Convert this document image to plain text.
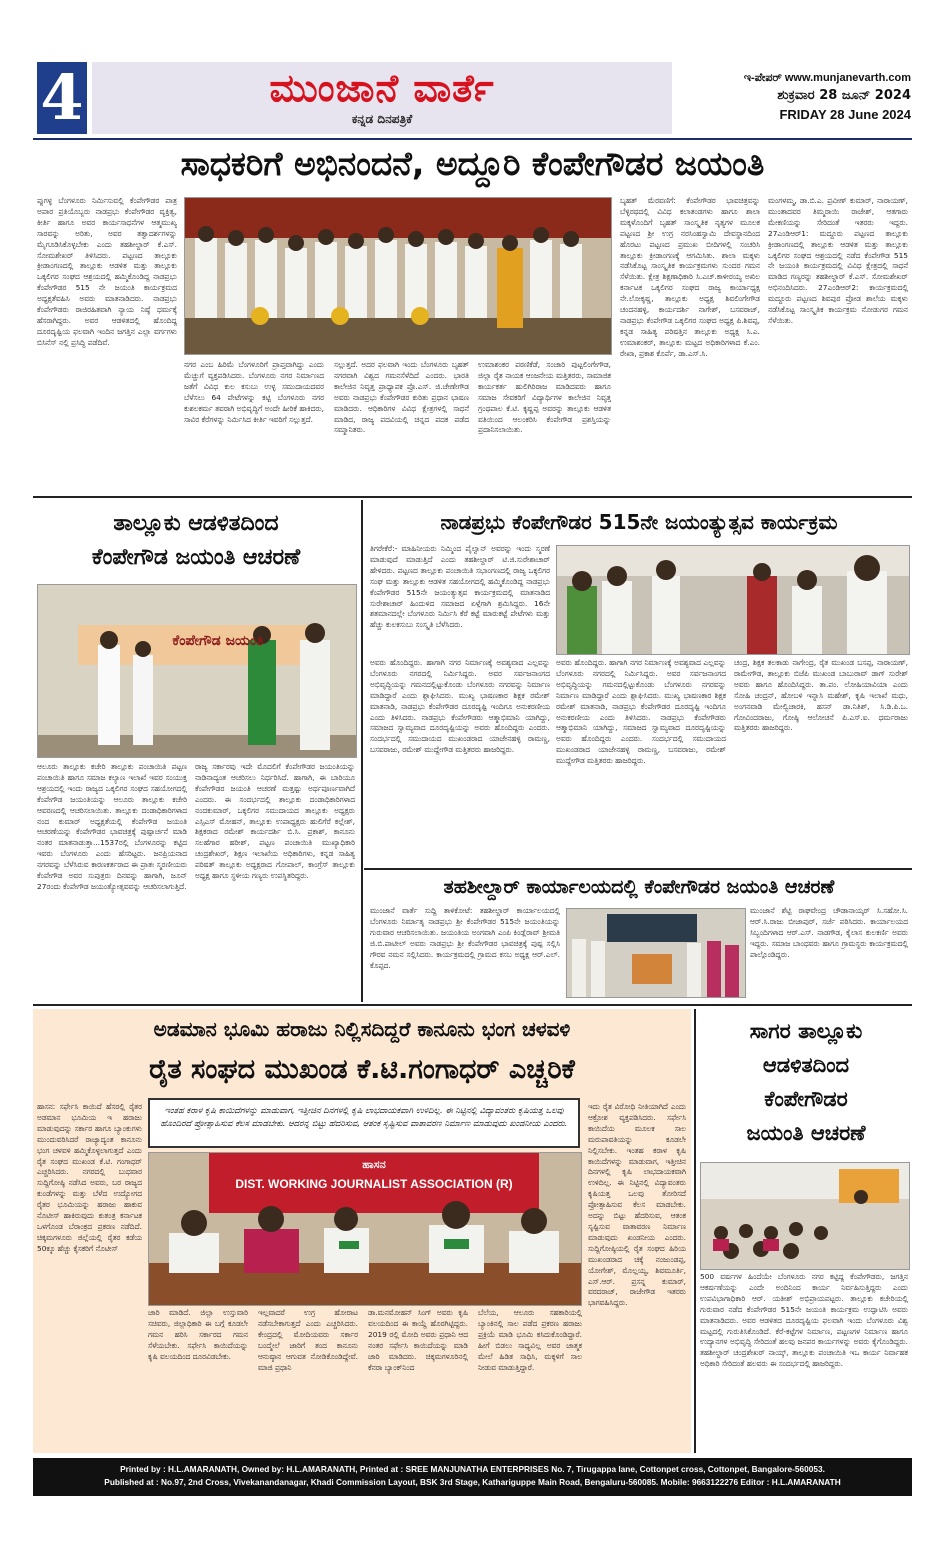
4	ಮುಂಜಾನೆ ವಾರ್ತೆ
ಕನ್ನಡ ದಿನಪತ್ರಿಕೆ
ಇ-ಪೇಪರ್ www.munjanevarth.com
ಶುಕ್ರವಾರ 28 ಜೂನ್ 2024
FRIDAY 28 June 2024
ಸಾಧಕರಿಗೆ ಅಭಿನಂದನೆ, ಅದ್ದೂರಿ ಕೆಂಪೇಗೌಡರ ಜಯಂತಿ
ಪ್ಪುಗಳ್ಳ ಬೆಂಗಳೂರು ನಿರ್ಮಿಸುವಲ್ಲಿ ಕೆಂಪೇಗೌಡರ ಪಾತ್ರ ಅಪಾರ ಪ್ರತಿಯೊಬ್ಬರು ನಾಡಪ್ರಭು ಕೆಂಪೇಗೌಡರ ವ್ಯಕ್ತಿತ್ವ, ಕೀರ್ತಿ ಹಾಗೂ ಅವರ ಕಾರ್ಯಸಾಧನೆಗಳ ಆತ್ಮಮುಖ್ಯ ಸಾರವನ್ನು ಅರಿತು, ಅವರ ತತ್ವಾದರ್ಶಗಳನ್ನು ಮೈಗೂಡಿಸಿಕೊಳ್ಳಬೇಕು ಎಂದು ತಹಶೀಲ್ದಾರ್ ಕೆ.ಎಸ್. ಸೋಮಶೇಖರ್ ತಿಳಿಸಿದರು. ಪಟ್ಟಣದ ತಾಲ್ಲೂಕು ಕ್ರೀಡಾಂಗಣದಲ್ಲಿ ತಾಲ್ಲೂಕು ಆಡಳಿತ ಮತ್ತು ತಾಲ್ಲೂಕು ಒಕ್ಕಲಿಗರ ಸಂಘದ ಆಶ್ರಯದಲ್ಲಿ ಹಮ್ಮಿಕೊಂಡಿದ್ದ ನಾಡಪ್ರಭು ಕೆಂಪೇಗೌಡರ 515 ನೇ ಜಯಂತಿ ಕಾರ್ಯಕ್ರಮದ ಅಧ್ಯಕ್ಷತೆವಹಿಸಿ ಅವರು ಮಾತನಾಡಿದರು. ನಾಡಪ್ರಭು ಕೆಂಪೇಗೌಡರು ರಾಜಿರಹಿತವಾಗಿ ನ್ಯಾಯ ನಿಷ್ಠೆ ಧರ್ಮಕ್ಕೆ ಹೆಸರಾಗಿದ್ದರು. ಅವರ ಆಡಳಿತದಲ್ಲಿ ಹೊಂದಿದ್ದ ದೂರದೃಷ್ಟಿಯ ಫಲವಾಗಿ ಇಂದಿನ ಜಗತ್ತಿನ ಎಲ್ಲಾ ವರ್ಗಗಳು ಬಿಸಿನೆಸ್ ನಲ್ಲಿ ಪ್ರಸಿದ್ಧಿ ಪಡೆದಿವೆ.
ನಗರ ಎಂಬ ಹಿರಿಮೆ ಬೆಂಗಳೂರಿಗೆ ಪ್ರಾಪ್ತವಾಗಿದ್ದು ಎಂದು ಮೆಚ್ಚುಗೆ ವ್ಯಕ್ತಪಡಿಸಿದರು. ಬೆಂಗಳೂರು ನಗರ ನಿರ್ಮಾಣದ ಜತೆಗೆ ವಿವಿಧ ಕುಲ ಕಸುಬು ಉಳ್ಳ ಸಮುದಾಯದವರ ಬೆಳೆಸಲು 64 ಪೇಟೆಗಳನ್ನು ಕಟ್ಟಿ ಬೆಂಗಳೂರು ನಗರ ಕುಶಲಕರ್ಮ ತವರಾಗಿ ಅಭಿವೃದ್ಧಿಗೆ ಅಂದೇ ಹೀರಿಕೆ ಹಾಕಿದರು, ಸಾವಿರ ಕೆರೆಗಳನ್ನು ನಿರ್ಮಿಸಿದ ಕೀರ್ತಿ ಇವರಿಗೆ ಸಲ್ಲುತ್ತದೆ.
ಸಲ್ಲುತ್ತದೆ. ಅದರ ಫಲವಾಗಿ ಇಂದು ಬೆಂಗಳೂರು ಬೃಹತ್ ನಗರವಾಗಿ ವಿಶ್ವದ ಗಮನಸೆಳೆದಿದೆ ಎಂದರು. ಭಾರತಿ ಕಾಲೇಜಿನ ನಿವೃತ್ತ ಪ್ರಾಧ್ಯಾಪಕ ಪ್ರೊ.ಎಸ್. ಜಿ.ಚೇಣೇಗೌಡ ಅವರು ನಾಡಪ್ರಭು ಕೆಂಪೇಗೌಡರ ಕುರಿತು ಪ್ರಧಾನ ಭಾಷಣ ಮಾಡಿದರು. ಆಧಿಕಾರಿಗಳ ವಿವಿಧ ಕ್ಷೇತ್ರಗಳಲ್ಲಿ ಸಾಧನೆ ಮಾಡಿದ, ರಾಜ್ಯ ಪದವಿಯಲ್ಲಿ ಚಿನ್ನದ ಪದಕ ಪಡೆದ ಸಮ್ಮಾನಿತರು.
ಉಮಾಶಂಕರ ಪಠಣಿಕೆಡೆ, ಸಂಚಾರಿ ಪುಟ್ಟಲಿಂಗೇಗೌಡ, ಜಿಲ್ಲಾ ರೈತ ನಾಯಕ ಆಂಜನೇಯ ಮತ್ತಿತರರು, ಸಾಮಾಜಿಕ ಕಾರ್ಯಕರ್ತ ಹುಲಿಗಿರಿರಾಜ ಮಾಡಿದವರು ಹಾಗೂ ಸಮಾಜ ಸೇವಕರಿಗೆ ವಿದ್ಯಾರ್ಥಿಗಳ ಕಾಲೇಜಿನ ನಿವೃತ್ತ ಗ್ರಂಥಪಾಲ ಕೆ.ಟಿ. ಕೃಷ್ಣಪ್ಪ ಅವರನ್ನು ತಾಲ್ಲೂಕು ಆಡಳಿತ ವತಿಯಿಂದ ಆಲಂಕರಿಸಿ ಕೆಂಪೇಗೌಡ ಪ್ರಶಸ್ತಿಯನ್ನು ಪ್ರದಾನಿಸಲಾಯಿತು.
ಬೃಹತ್ ಮೆರವಣಿಗೆ: ಕೆಂಪೇಗೌಡರ ಭಾವಚಿತ್ರವನ್ನು ಬೆಳ್ಳಿರಥದಲ್ಲಿ ವಿವಿಧ ಕಲಾತಂಡಗಳು ಹಾಗೂ ಶಾಲಾ ಮಕ್ಕಳೊಂದಿಗೆ ಬೃಹತ್ ಸಾಂಸ್ಕೃತಿಕ ನೃತ್ಯಗಳ ಮೂಲಕ ಪಟ್ಟಣದ ಶ್ರೀ ಉಗ್ರ ನರಸಿಂಹಸ್ವಾಮಿ ದೇವಸ್ಥಾನದಿಂದ ಹೊರಟು ಪಟ್ಟಣದ ಪ್ರಮುಖ ಬೀದಿಗಳಲ್ಲಿ ಸಂಚರಿಸಿ ತಾಲ್ಲೂಕು ಕ್ರೀಡಾಂಗಣಕ್ಕೆ ಆಗಮಿಸಿತು. ಶಾಲಾ ಮಕ್ಕಳು ನಡೆಸಿಕೊಟ್ಟ ಸಾಂಸ್ಕೃತಿಕ ಕಾರ್ಯಕ್ರಮಗಳು ಸುಂದರ ಗಮನ ಸೆಳೆಯಿತು. ಕ್ಷೇತ್ರ ಶಿಕ್ಷಣಾಧಿಕಾರಿ ಸಿ.ಎಚ್.ಕಾಳೀರಯ್ಯ ಅಖಿಲ ಕರ್ನಾಟಕ ಒಕ್ಕಲಿಗರ ಸಂಘದ ರಾಜ್ಯ ಕಾರ್ಯಾಧ್ಯಕ್ಷ ನೇ.ಲೋಕೃಷ್ಣ, ತಾಲ್ಲೂಕು ಅಧ್ಯಕ್ಷ ಶಿವಲಿಂಗೇಗೌಡ ಚಂದನಹಳ್ಳಿ, ಕಾರ್ಯದರ್ಶಿ ನಾಗೇಶ್, ಬಸವರಾಜ್, ನಾಡಪ್ರಭು ಕೆಂಪೇಗೌಡ ಒಕ್ಕಲಿಗರ ಸಂಘದ ಅಧ್ಯಕ್ಷ ಪಿ.ಶಿವಪ್ಪ, ಕನ್ನಡ ಸಾಹಿತ್ಯ ಪರಿಷತ್ತಿನ ತಾಲ್ಲೂಕು ಅಧ್ಯಕ್ಷ ಸಿ.ಎ. ಉಮಾಶಂಕರ್, ತಾಲ್ಲೂಕು ಮಟ್ಟದ ಅಧಿಕಾರಿಗಳಾದ ಕೆ.ಎಂ. ರೇಖಾ, ಪ್ರಕಾಶ ಕೊರ್ಪೆ, ಡಾ.ಎಸ್.ಸಿ.
ಮಂಗಳಮ್ಮ, ಡಾ.ಬಿ.ಎ. ಪ್ರವೀಣ್ ಕುಮಾರ್, ನಾರಾಯಣ್, ಮುಂತಾದವರ ತಿಮ್ಮರಾಯಿ ರಾಜೇಶ್, ಆತಗಾರು ಮೇಕಣಿಯನ್ನು ಸೇರಿದಂತೆ ಇತರರು ಇದ್ದರು. 27ಎಂಡಿಆರ್1: ಮದ್ದೂರು ಪಟ್ಟಣದ ತಾಲ್ಲೂಕು ಕ್ರೀಡಾಂಗಣದಲ್ಲಿ ತಾಲ್ಲೂಕು ಆಡಳಿತ ಮತ್ತು ತಾಲ್ಲೂಕು ಒಕ್ಕಲಿಗರ ಸಂಘದ ಆಶ್ರಯದಲ್ಲಿ ನಡೆದ ಕೆಂಪೇಗೌಡ 515 ನೇ ಜಯಂತಿ ಕಾರ್ಯಕ್ರಮದಲ್ಲಿ ವಿವಿಧ ಕ್ಷೇತ್ರದಲ್ಲಿ ಸಾಧನೆ ಮಾಡಿದ ಗಣ್ಯರನ್ನು ತಹಶೀಲ್ದಾರ್ ಕೆ.ಎಸ್. ಸೋಮಶೇಖರ್ ಅಭಿನಂದಿಸಿದರು. 27ಎಂಡಿಆರ್2: ಕಾರ್ಯಕ್ರಮದಲ್ಲಿ ಮದ್ದೂರು ಪಟ್ಟಣದ ಶಿವಪುರ ಪ್ರೋಡ ಶಾಲೆಯ ಮಕ್ಕಳು ನಡೆಸಿಕೊಟ್ಟ ಸಾಂಸ್ಕೃತಿಕ ಕಾರ್ಯಕ್ರಮ ನೋಡುಗರ ಗಮನ ಸೆಳೆಯಿತು.
ತಾಲ್ಲೂಕು ಆಡಳಿತದಿಂದ
ಕೆಂಪೇಗೌಡ ಜಯಂತಿ ಆಚರಣೆ
ಕೆಂಪೇಗೌಡ ಜಯಂತಿ
ಆಲೂರು ತಾಲ್ಲೂಕು ಕಚೇರಿ ತಾಲ್ಲೂಕು ಪಂಚಾಯಿತಿ ಪಟ್ಟಣ ಪಂಚಾಯಿತಿ ಹಾಗೂ ಸಮಾಜ ಕಲ್ಯಾಣ ಇಲಾಖೆ ಇವರ ಸಂಯುಕ್ತ ಆಶ್ರಯದಲ್ಲಿ ಇಂದು ರಾಜ್ಯದ ಒಕ್ಕಲಿಗರ ಸಂಘದ ಸಹಯೋಗದಲ್ಲಿ ಕೆಂಪೇಗೌಡ ಜಯಂತಿಯನ್ನು ಆಲೂರು ತಾಲ್ಲೂಕು ಕಚೇರಿ ಆವರಣದಲ್ಲಿ ಆಚರಿಸಲಾಯಿತು. ತಾಲ್ಲೂಕು ದಂಡಾಧಿಕಾರಿಗಳಾದ ನಂದ ಕುಮಾರ್ ಅಧ್ಯಕ್ಷತೆಯಲ್ಲಿ ಕೆಂಪೇಗೌಡ ಜಯಂತಿ ಆಚರಣೆಯನ್ನು ಕೆಂಪೇಗೌಡರ ಭಾವಚಿತ್ರಕ್ಕೆ ಪುಷ್ಪಾರ್ಚನೆ ಮಾಡಿ ನಂತರ ಮಾತನಾಡುತ್ತಾ...1537ರಲ್ಲಿ ಬೆಂಗಳೂರನ್ನು ಕಟ್ಟಿದ ಇವರು ಬೆಂಗಳೂರು ಎಂದು ಹೆಸರಿಟ್ಟರು. ಜನಪ್ರಿಯನಾದ ನಗರವನ್ನು ಬೆಳೆಸಿರುವ ಕಾರಣಕರ್ತರಾದ ಈ ಪ್ರಾತಃ ಸ್ಮರಣೀಯರು ಕೆಂಪೇಗೌಡ ಅವರ ಸುಪುತ್ರರು ದಿನವನ್ನು ಹಾಗಾಗಿ, ಜೂನ್ 27ರಂದು ಕೆಂಪೇಗೌಡ ಜಯಂತ್ಯೋತ್ಸವವನ್ನು ಆಚರಿಸಲಾಗುತ್ತಿದೆ.
ರಾಜ್ಯ ಸರ್ಕಾರವು ಇದೇ ಮೊದಲಿಗೆ ಕೆಂಪೇಗೌಡರ ಜಯಂತಿಯನ್ನು ನಾಡಿನಾದ್ಯಂತ ಆಚರಿಸಲು ನಿರ್ಧರಿಸಿದೆ. ಹಾಗಾಗಿ, ಈ ಬಾರಿಯೂ ಕೆಂಪೇಗೌಡರ ಜಯಂತಿ ಆಚರಣೆ ಮತ್ತಷ್ಟು ಅರ್ಥಪೂರ್ಣವಾಗಿದೆ ಎಂದರು. ಈ ಸಂದರ್ಭದಲ್ಲಿ ತಾಲ್ಲೂಕು ದಂಡಾಧಿಕಾರಿಗಳಾದ ನಂದಕುಮಾರ್, ಒಕ್ಕಲಿಗರ ಸಮುದಾಯದ ತಾಲ್ಲೂಕು ಅಧ್ಯಕ್ಷರು ಎಸ್ಸಿಎಸ್ ಮೋಹನ್, ತಾಲ್ಲೂಕು ಉಪಾಧ್ಯಕ್ಷರು ಹುಲಿಗೆರೆ ಕಲ್ಲೇಶ್, ಶಿಕ್ಷಕರಾದ ರಮೇಶ್ ಕಾರ್ಯದರ್ಶಿ ಬಿ.ಸಿ. ಪ್ರಕಾಶ್, ಕಾನೂನು ಸಲಹೆಗಾರ ಹರೀಶ್, ಪಟ್ಟಣ ಪಂಚಾಯಿತಿ ಮುಖ್ಯಾಧಿಕಾರಿ ಚಂದ್ರಶೇಖರ್, ಶಿಕ್ಷಣ ಇಲಾಖೆಯ ಅಧಿಕಾರಿಗಳು, ಕನ್ನಡ ಸಾಹಿತ್ಯ ಪರಿಷತ್ ತಾಲ್ಲೂಕು ಅಧ್ಯಕ್ಷರಾದ ಗೋಪಾಲ್, ಕಾಂಗ್ರೆಸ್ ತಾಲ್ಲೂಕು ಅಧ್ಯಕ್ಷ ಹಾಗೂ ಸ್ಥಳೀಯ ಗಣ್ಯರು ಉಪಸ್ಥಿತರಿದ್ದರು.
ನಾಡಪ್ರಭು ಕೆಂಪೇಗೌಡರ 515ನೇ ಜಯಂತ್ಯುತ್ಸವ ಕಾರ್ಯಕ್ರಮ
ತಿಗರೇಕೆರೆ:- ಮಾಹಿನೀಯರು ನಿಮ್ಮಿಂದ ಪೈಲ್ವಾನ್ ಅವರನ್ನು ಇಂದು ಸ್ಮರಣೆ ಮಾಡುವುದೆ ಮಾಡುತ್ತಿದೆ ಎಂದು ತಹಶೀಲ್ದಾರ್ ಟಿ.ಜಿ.ಸುರೇಶಾಚಾರ್ ಹೇಳಿದರು. ಪಟ್ಟಣದ ತಾಲ್ಲೂಕು ಪಂಚಾಯಿತಿ ಸಭಾಂಗಣದಲ್ಲಿ ರಾಜ್ಯ ಒಕ್ಕಲಿಗರ ಸಂಘ ಮತ್ತು ತಾಲ್ಲೂಕು ಆಡಳಿತ ಸಹಯೋಗದಲ್ಲಿ ಹಮ್ಮಿಕೊಂಡಿದ್ದ ನಾಡಪ್ರಭು ಕೆಂಪೇಗೌಡರ 515ನೇ ಜಯಂತ್ಯುತ್ಸವ ಕಾರ್ಯಕ್ರಮದಲ್ಲಿ ಮಾತನಾಡಿದ ಸುರೇಶಾಚಾರ್ ಹಿಂದುಳಿದ ಸಮಾಜದ ಏಳ್ಗೆಗಾಗಿ ಶ್ರಮಿಸಿದ್ದರು. 16ನೇ ಶತಮಾನದಲ್ಲೇ ಬೆಂಗಳೂರು ನಿರ್ಮಿಸಿ ಕೆರೆ ಕಟ್ಟೆ ಮಾರುಕಟ್ಟೆ ಪೇಟೆಗಳು ಮತ್ತು ಹೆಚ್ಚು ಕುಲಕಸುಬು ಸಂಸ್ಕೃತಿ ಬೆಳೆಸಿದರು.
ಅವರು ಹೊಂದಿದ್ದರು. ಹಾಗಾಗಿ ನಗರ ನಿರ್ಮಾಣಕ್ಕೆ ಅವಶ್ಯವಾದ ಎಲ್ಲವನ್ನು ಬೆಂಗಳೂರು ನಗರದಲ್ಲಿ ನಿರ್ಮಿಸಿದ್ದರು. ಅವರ ಸರ್ವಜನಾಂಗದ ಅಭಿವೃದ್ಧಿಯನ್ನು ಗಮನದಲ್ಲಿಟ್ಟುಕೊಂಡು ಬೆಂಗಳೂರು ನಗರವನ್ನು ನಿರ್ಮಾಣ ಮಾಡಿದ್ದಾರೆ ಎಂದು ಶ್ಲಾಘಿಸಿದರು. ಮುಖ್ಯ ಭಾಷಣಕಾರ ಶಿಕ್ಷಕ ರಮೇಶ್ ಮಾತನಾಡಿ, ನಾಡಪ್ರಭು ಕೆಂಪೇಗೌಡರ ದೂರದೃಷ್ಟಿ ಇಂದಿಗೂ ಅನುಕರಣೀಯ ಎಂದು ತಿಳಿಸಿದರು. ನಾಡಪ್ರಭು ಕೆಂಪೇಗೌಡರು ಆತ್ಮಾಭಿಮಾನಿ ಯಾಗಿದ್ದು, ಸಮಾಜದ ಸ್ವಾಮ್ಯವಾದ ದೂರದೃಷ್ಟಿಯನ್ನು ಅವರು ಹೊಂದಿದ್ದರು ಎಂದರು. ಸಂದರ್ಭದಲ್ಲಿ ಸಮುದಾಯದ ಮುಖಂಡರಾದ ಯಾಜೇನಹಳ್ಳಿ ರಾಮಣ್ಣ, ಬಸವರಾಜು, ರಮೇಶ್ ಮುದ್ದೇಗೌಡ ಮತ್ತಿತರರು ಹಾಜರಿದ್ದರು.
ಅವರು ಹೊಂದಿದ್ದರು. ಹಾಗಾಗಿ ನಗರ ನಿರ್ಮಾಣಕ್ಕೆ ಅವಶ್ಯವಾದ ಎಲ್ಲವನ್ನು ಬೆಂಗಳೂರು ನಗರದಲ್ಲಿ ನಿರ್ಮಿಸಿದ್ದರು. ಅವರ ಸರ್ವಜನಾಂಗದ ಅಭಿವೃದ್ಧಿಯನ್ನು ಗಮನದಲ್ಲಿಟ್ಟುಕೊಂಡು ಬೆಂಗಳೂರು ನಗರವನ್ನು ನಿರ್ಮಾಣ ಮಾಡಿದ್ದಾರೆ ಎಂದು ಶ್ಲಾಘಿಸಿದರು. ಮುಖ್ಯ ಭಾಷಣಕಾರ ಶಿಕ್ಷಕ ರಮೇಶ್ ಮಾತನಾಡಿ, ನಾಡಪ್ರಭು ಕೆಂಪೇಗೌಡರ ದೂರದೃಷ್ಟಿ ಇಂದಿಗೂ ಅನುಕರಣೀಯ ಎಂದು ತಿಳಿಸಿದರು. ನಾಡಪ್ರಭು ಕೆಂಪೇಗೌಡರು ಆತ್ಮಾಭಿಮಾನಿ ಯಾಗಿದ್ದು, ಸಮಾಜದ ಸ್ವಾಮ್ಯವಾದ ದೂರದೃಷ್ಟಿಯನ್ನು ಅವರು ಹೊಂದಿದ್ದರು ಎಂದರು. ಸಂದರ್ಭದಲ್ಲಿ ಸಮುದಾಯದ ಮುಖಂಡರಾದ ಯಾಜೇನಹಳ್ಳಿ ರಾಮಣ್ಣ, ಬಸವರಾಜು, ರಮೇಶ್ ಮುದ್ದೇಗೌಡ ಮತ್ತಿತರರು ಹಾಜರಿದ್ದರು.
ಚಂದ್ರ, ಶಿಕ್ಷಕ ತಲಕಾಡು ನಾಗೇಂದ್ರ, ರೈತ ಮುಖಂಡ ಬಸಪ್ಪ, ನಾರಾಯಣ್, ರಾಮೇಗೌಡ, ತಾಲ್ಲೂಕು ಬಿಜೆಪಿ ಮುಖಂಡ ಬಾಬುರಾವ್ ಡಾಗ್ ಸುರೇಶ್ ಅವರು ಹಾಗೂ ಹೊಂದಿಸಿದ್ದರು. ತಾ.ಪಂ. ಲೋಹಿಯಾವಿಯಾ ಎಂದು ಸೋಹಿ ಚಂದ್ರನ್, ಹೋಬಳಿ ಇನ್ನಾಸಿ ಮಹೇಶ್, ಕೃಷಿ ಇಲಾಖೆ ಮಧು, ಅಂಗನವಾಡಿ ಮೇಲ್ವಿಚಾರಕಿ, ಹಸನ್ ಡಾ.ನಿತಿಶ್, ಸಿ.ಡಿ.ಪಿ.ಒ. ಗೋವಿಂದರಾಜು, ಗೋಷ್ಠಿ ಆಲೋಚನೆ ಪಿ.ಎಸ್.ಐ. ಧರ್ಮರಾಜು ಮತ್ತಿತರರು ಹಾಜರಿದ್ದರು.
ತಹಶೀಲ್ದಾರ್ ಕಾರ್ಯಾಲಯದಲ್ಲಿ ಕೆಂಪೇಗೌಡರ ಜಯಂತಿ ಆಚರಣೆ
ಮುಂಜಾನೆ ವಾರ್ತೆ ಸುದ್ದಿ ತಾಳಿಕೋಟೆ: ತಹಶೀಲ್ದಾರ್ ಕಾರ್ಯಾಲಯದಲ್ಲಿ ಬೆಂಗಳೂರು ನಿರ್ಮಾತೃ ನಾಡಪ್ರಭು ಶ್ರೀ ಕೆಂಪೇಗೌಡರ 515ನೇ ಜಯಂತಿಯನ್ನು ಗುರುವಾರ ಆಚರಿಸಲಾಯಿತು. ಜಯಂತಿಯ ಅಂಗವಾಗಿ ಎಂಪಿ ಕಿಂಡ್ಲೆರಾವ್ ಶ್ರೀಮತಿ ಜಿ.ಬಿ.ಪಾಟೀಲ್ ಅವರು ನಾಡಪ್ರಭು ಶ್ರೀ ಕೆಂಪೇಗೌಡರ ಭಾವಚಿತ್ರಕ್ಕೆ ಪುಷ್ಪ ಸಲ್ಲಿಸಿ ಗೌರವ ನಮನ ಸಲ್ಲಿಸಿದರು. ಕಾರ್ಯಕ್ರಮದಲ್ಲಿ ಗ್ರಾಮದ ಕಸಬ ಅಧ್ಯಕ್ಷ ಆರ್.ಎಲ್. ಕೊಪ್ಪದ.
ಮುಂಜಾನೆ ಶೆಟ್ಟಿ ರಾಘವೇಂದ್ರ ಚೌಡಾನಾಯ್ಕರ್ ಸಿ.ಸಹೋ.ಸಿ. ಆರ್.ಸಿ.ರಾಜು ಬೀಜಾಪುರ್, ಸರ್ಜೆ ಪಠಿಸಿದರು. ಕಾರ್ಯಾಲಯದ ಸಿಬ್ಬಂದಿಗಳಾದ ಆರ್.ಎಸ್. ನಾಡಗೌಡ, ಕೈಲಾಸ ಕುಲಕರ್ಣಿ ಅವರು ಇದ್ದರು. ಸಮಾಜ ಬಾಂಧವರು ಹಾಗೂ ಗ್ರಾಮಸ್ಥರು ಕಾರ್ಯಕ್ರಮದಲ್ಲಿ ಪಾಲ್ಗೊಂಡಿದ್ದರು.
ಅಡಮಾನ ಭೂಮಿ ಹರಾಜು ನಿಲ್ಲಿಸದಿದ್ದರೆ ಕಾನೂನು ಭಂಗ ಚಳವಳಿ
ರೈತ ಸಂಘದ ಮುಖಂಡ ಕೆ.ಟಿ.ಗಂಗಾಧರ್ ಎಚ್ಚರಿಕೆ
ಇಂತಹ ಕರಾಳ ಕೃಷಿ ಕಾಯಿದೆಗಳನ್ನು ಮಾಡುವಾಗ, ಇತ್ತೀಚಿನ ದಿನಗಳಲ್ಲಿ ಕೃಷಿ ಲಾಭದಾಯಕವಾಗಿ ಉಳಿದಿಲ್ಲ. ಈ ನಿಟ್ಟಿನಲ್ಲಿ ವಿದ್ಯಾವಂತರು ಕೃಷಿಯತ್ತ ಒಲವು ಹೊಂದಿರದೆ ಪ್ರೋತ್ಸಾಹಿಸುವ ಕೆಲಸ ಮಾಡಬೇಕು. ಆದರನ್ನ ಬಿಟ್ಟು ಹೆದರಿಸುವ, ಆತಂಕ ಸೃಷ್ಟಿಸುವ ವಾತಾವರಣ ನಿರ್ಮಾಣ ಮಾಡುವುದು ಖಂಡನೀಯ ಎಂದರು.
ಹಾಸನ: ಸರ್ಫೇಸಿ ಕಾಯಿದೆ ಹೆಸರಲ್ಲಿ ರೈತರ ಅಡಮಾನ ಭೂಮಿಯ ಇ ಹರಾಜು ಮಾಡುವುದನ್ನು ಸರ್ಕಾರ ಹಾಗೂ ಬ್ಯಾಂಕುಗಳು ಮುಂದುವರಿಸಿದರೆ ರಾಜ್ಯಾದ್ಯಂತ ಕಾನೂನು ಭಂಗ ಚಳವಳಿ ಹಮ್ಮಿಕೊಳ್ಳಲಾಗುತ್ತದೆ ಎಂದು ರೈತ ಸಂಘದ ಮುಖಂಡ ಕೆ.ಟಿ. ಗಂಗಾಧರ್ ಎಚ್ಚರಿಸಿದರು. ನಗರದಲ್ಲಿ ಬುಧವಾರ ಸುದ್ದಿಗೋಷ್ಠಿ ನಡೆಸಿದ ಅವರು, ಬರ ರಾಜ್ಯದ ಕುಂಡೆಗಳನ್ನು ಮತ್ತು ಬೆಳೆದ ಉದ್ಯೋಗದ ರೈತರ ಭೂಮಿಯನ್ನು ಹರಾಜು ಹಾಕುವ ನೊಟೀಸ್ ಹಾಕಿರುವುದು ಕುತಂತ್ರ ಕರ್ನಾಟಕ ಒಳಗೊಂಡ ಬೆರಾಂಕ್ರದ ಪ್ರಕರಣ ನಡೆದಿದೆ. ಚಿಕ್ಕಮಗಳೂರು ಜಿಲ್ಲೆಯಲ್ಲಿ ರೈತರ ಕಡೆಯ 50ಕ್ಕೂ ಹೆಚ್ಚು ಕೈಸಕರಿಗೆ ನೊಟೀಸ್
ಹಾಸನ
DIST. WORKING JOURNALIST ASSOCIATION (R)
ಜಾರಿ ಮಾಡಿದೆ. ಜಿಲ್ಲಾ ಉಸ್ತುವಾರಿ ಸಚಿವರು, ಜಿಲ್ಲಾಧಿಕಾರಿ ಈ ಬಗ್ಗೆ ಕೂಡಲೇ ಗಮನ ಹರಿಸಿ ಸರ್ಕಾರದ ಗಮನ ಸೆಳೆಯಬೇಕು. ಸರ್ಫೇಸಿ ಕಾಯಿದೆಯನ್ನು ಕೃಷಿ ವಲಯದಿಂದ ದೂರವಿಡಬೇಕು.
ಇಲ್ಲವಾದರೆ ಉಗ್ರ ಹೋರಾಟ ನಡೆಸಬೇಕಾಗುತ್ತದೆ ಎಂದು ಎಚ್ಚರಿಸಿದರು. ಕೇಂದ್ರದಲ್ಲಿ ಮೋದಿಯವರು ಸರ್ಕಾರ ಬಂದ್ಮೇಲೆ ಜಾರಿಗೆ ತಂದ ಕಾನೂನು ಆನುಷ್ಠಾನ ಆಗುವತ ನೋಡಿಕೊಂಡಿದ್ದೇವೆ. ಮಾಜಿ ಪ್ರಧಾನಿ
ಡಾ.ಮನಮೋಹನ್ ಸಿಂಗ್ ಅವರು ಕೃಷಿ ವಲಯದಿಂದ ಈ ಕಾಯ್ದೆ ಹೊರಗಿಟ್ಟಿದ್ದರು. 2019 ರಲ್ಲಿ ಮೋದಿ ಅವರು ಪ್ರಧಾನಿ ಆದ ನಂತರ ಸರ್ಫೇಸಿ ಕಾಯಿದೆಯನ್ನು ಮಾಡಿ ಜಾರಿ ಮಾಡಿದರು. ಚಿಕ್ಕಮಗಳೂರಿನಲ್ಲಿ ಕೆನರಾ ಬ್ಯಾಂಕ್‌ನಿಂದ
ಬೆಲೆಯ, ಆಲೂರು ಸಹಕಾರಿಯಲ್ಲಿ ಬ್ಯಾಂಕಿನಲ್ಲಿ ಸಾಲ ಪಡೆದ ಪ್ರಕರಣ ಹರಾಜು ಪ್ರಕ್ರಿಯೆ ಮಾಡಿ ಭೂಮಿ ಕಸಿದುಕೊಂಡಿದ್ದಾರೆ. ಹೀಗೆ ಬಿಡಲು ಸಾಧ್ಯವಿಲ್ಲ ಅವರ ಜಾತ್ಮಕ ಮೇಲೆ ಹಿಡಿತ ಸಾಧಿಸಿ, ಮಕ್ಕಳಿಗೆ ಸಾಲ ನೀಡುವ ಮಾಡುತ್ತಿದ್ದಾರೆ.
ಇದು ರೈತ ವಿರೋಧಿ ನೀತಿಯಾಗಿದೆ ಎಂದು ಆಕ್ರೋಶ ವ್ಯಕ್ತಪಡಿಸಿದರು. ಸರ್ಫೇಸಿ ಕಾಯಿದೆಯ ಮೂಲಕ ಸಾಲ ಮರುಪಾವತಿಯನ್ನು ಕೂಡಲೇ ನಿಲ್ಲಿಸಬೇಕು. ಇಂತಹ ಕರಾಳ ಕೃಷಿ ಕಾಯಿದೆಗಳನ್ನು ಮಾಡುವಾಗ, ಇತ್ತೀಚಿನ ದಿನಗಳಲ್ಲಿ ಕೃಷಿ ಲಾಭದಾಯಕವಾಗಿ ಉಳಿದಿಲ್ಲ. ಈ ನಿಟ್ಟಿನಲ್ಲಿ ವಿದ್ಯಾವಂತರು ಕೃಷಿಯತ್ತ ಒಲವು ತೋರಿಸದೆ ಪ್ರೋತ್ಸಾಹಿಸುವ ಕೆಲಸ ಮಾಡಬೇಕು. ಅದನ್ನು ಬಿಟ್ಟು ಹೆದರಿಸುವ, ಆತಂಕ ಸೃಷ್ಟಿಸುವ ವಾತಾವರಣ ನಿರ್ಮಾಣ ಮಾಡುವುದು ಖಂಡನೀಯ ಎಂದರು. ಸುದ್ದಿಗೋಷ್ಠಿಯಲ್ಲಿ ರೈತ ಸಂಘದ ಹಿರಿಯ ಮುಖಂಡರಾದ ಚಿಕ್ಕೆ ನಂಜುಂಡಪ್ಪ, ಯೋಗೇಶ್, ಮೊಲ್ಲಯ್ಯ, ಶಿವಮೂರ್ತಿ, ಎಸ್.ಆರ್. ಪ್ರಸನ್ನ ಕುಮಾರ್, ವರದರಾಜ್, ರಾಜೇಗೌಡ ಇತರರು ಭಾಗವಹಿಸಿದ್ದರು.
ಸಾಗರ ತಾಲ್ಲೂಕು
ಆಡಳಿತದಿಂದ
ಕೆಂಪೇಗೌಡರ
ಜಯಂತಿ ಆಚರಣೆ
500 ವರ್ಷಗಳ ಹಿಂದೆಯೇ ಬೆಂಗಳೂರು ನಗರ ಕಟ್ಟಿದ್ದ ಕೆಂಪೇಗೌಡರು, ಜಗತ್ತಿನ ಆಕರ್ಷಣೆಯನ್ನು ಎಂದೇ ಅಂದಿನಿಂದ ಕಾರ್ಯ ನಿರ್ವಹಿಸುತ್ತಿದ್ದರು ಎಂದು ಉಪವಿಭಾಗಾಧಿಕಾರಿ ಆರ್. ಯತೀಶ್ ಅಭಿಪ್ರಾಯಪಟ್ಟರು. ತಾಲ್ಲೂಕು ಕಚೇರಿಯಲ್ಲಿ ಗುರುವಾರ ನಡೆದ ಕೆಂಪೇಗೌಡರ 515ನೇ ಜಯಂತಿ ಕಾರ್ಯಕ್ರಮ ಉದ್ಘಾಟಿಸಿ ಅವರು ಮಾತನಾಡಿದರು. ಅವರ ಆಡಳಿತದ ದೂರದೃಷ್ಟಿಯ ಫಲವಾಗಿ ಇಂದು ಬೆಂಗಳೂರು ವಿಶ್ವ ಮಟ್ಟದಲ್ಲಿ ಗುರುತಿಸಿಕೊಂಡಿದೆ. ಕೆರೆ-ಕಟ್ಟೆಗಳ ನಿರ್ಮಾಣ, ಪಟ್ಟಣಗಳ ನಿರ್ಮಾಣ ಹಾಗೂ ಉದ್ಯಾನಗಳ ಅಭಿವೃದ್ಧಿ ಸೇರಿದಂತೆ ಹಲವು ಜನಪರ ಕಾರ್ಯಗಳನ್ನು ಅವರು ಕೈಗೊಂಡಿದ್ದರು. ತಹಶೀಲ್ದಾರ್ ಚಂದ್ರಶೇಖರ್ ನಾಯ್ಕ್, ತಾಲ್ಲೂಕು ಪಂಚಾಯಿತಿ ಇಒ ಕಾರ್ಯ ನಿರ್ವಾಹಕ ಅಧಿಕಾರಿ ಸೇರಿದಂತೆ ಹಲವರು ಈ ಸಂದರ್ಭದಲ್ಲಿ ಹಾಜರಿದ್ದರು.
Printed by : H.L.AMARANATH, Owned by: H.L.AMARANATH, Printed at : SREE MANJUNATHA ENTERPRISES No. 7, Tirugappa lane, Cottonpet cross, Cottonpet, Bangalore-560053.
Published at : No.97, 2nd Cross, Vivekanandanagar, Khadi Commission Layout, BSK 3rd Stage, Kathariguppe Main Road, Bengaluru-560085. Mobile: 9663122276 Editor : H.L.AMARANATH
